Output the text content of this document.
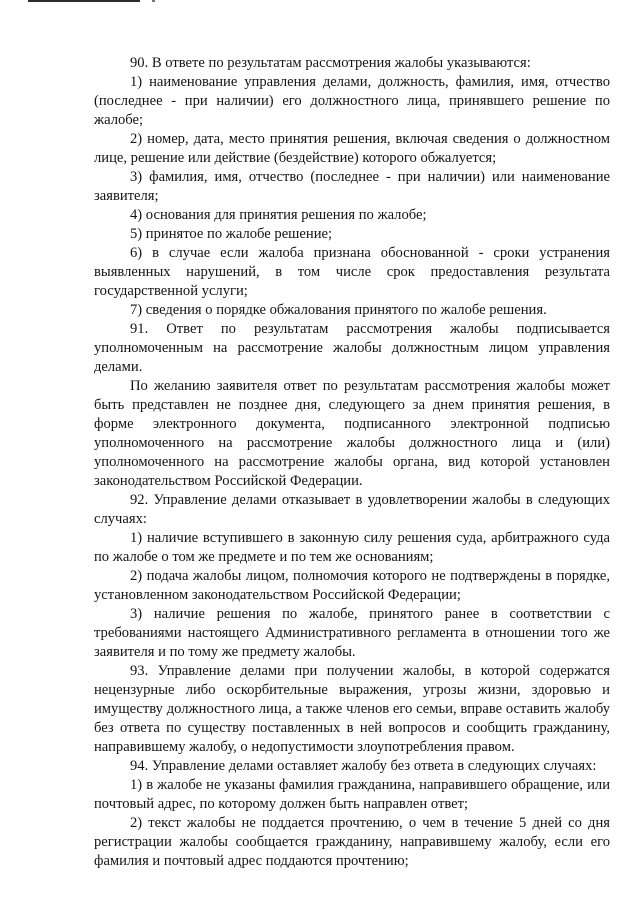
90. В ответе по результатам рассмотрения жалобы указываются:

1) наименование управления делами, должность, фамилия, имя, отчество (последнее - при наличии) его должностного лица, принявшего решение по жалобе;

2) номер, дата, место принятия решения, включая сведения о должностном лице, решение или действие (бездействие) которого обжалуется;

3) фамилия, имя, отчество (последнее - при наличии) или наименование заявителя;

4) основания для принятия решения по жалобе;

5) принятое по жалобе решение;

6) в случае если жалоба признана обоснованной - сроки устранения выявленных нарушений, в том числе срок предоставления результата государственной услуги;

7) сведения о порядке обжалования принятого по жалобе решения.

91. Ответ по результатам рассмотрения жалобы подписывается уполномоченным на рассмотрение жалобы должностным лицом управления делами.

По желанию заявителя ответ по результатам рассмотрения жалобы может быть представлен не позднее дня, следующего за днем принятия решения, в форме электронного документа, подписанного электронной подписью уполномоченного на рассмотрение жалобы должностного лица и (или) уполномоченного на рассмотрение жалобы органа, вид которой установлен законодательством Российской Федерации.

92. Управление делами отказывает в удовлетворении жалобы в следующих случаях:

1) наличие вступившего в законную силу решения суда, арбитражного суда по жалобе о том же предмете и по тем же основаниям;

2) подача жалобы лицом, полномочия которого не подтверждены в порядке, установленном законодательством Российской Федерации;

3) наличие решения по жалобе, принятого ранее в соответствии с требованиями настоящего Административного регламента в отношении того же заявителя и по тому же предмету жалобы.

93. Управление делами при получении жалобы, в которой содержатся нецензурные либо оскорбительные выражения, угрозы жизни, здоровью и имуществу должностного лица, а также членов его семьи, вправе оставить жалобу без ответа по существу поставленных в ней вопросов и сообщить гражданину, направившему жалобу, о недопустимости злоупотребления правом.

94. Управление делами оставляет жалобу без ответа в следующих случаях:

1) в жалобе не указаны фамилия гражданина, направившего обращение, или почтовый адрес, по которому должен быть направлен ответ;

2) текст жалобы не поддается прочтению, о чем в течение 5 дней со дня регистрации жалобы сообщается гражданину, направившему жалобу, если его фамилия и почтовый адрес поддаются прочтению;
